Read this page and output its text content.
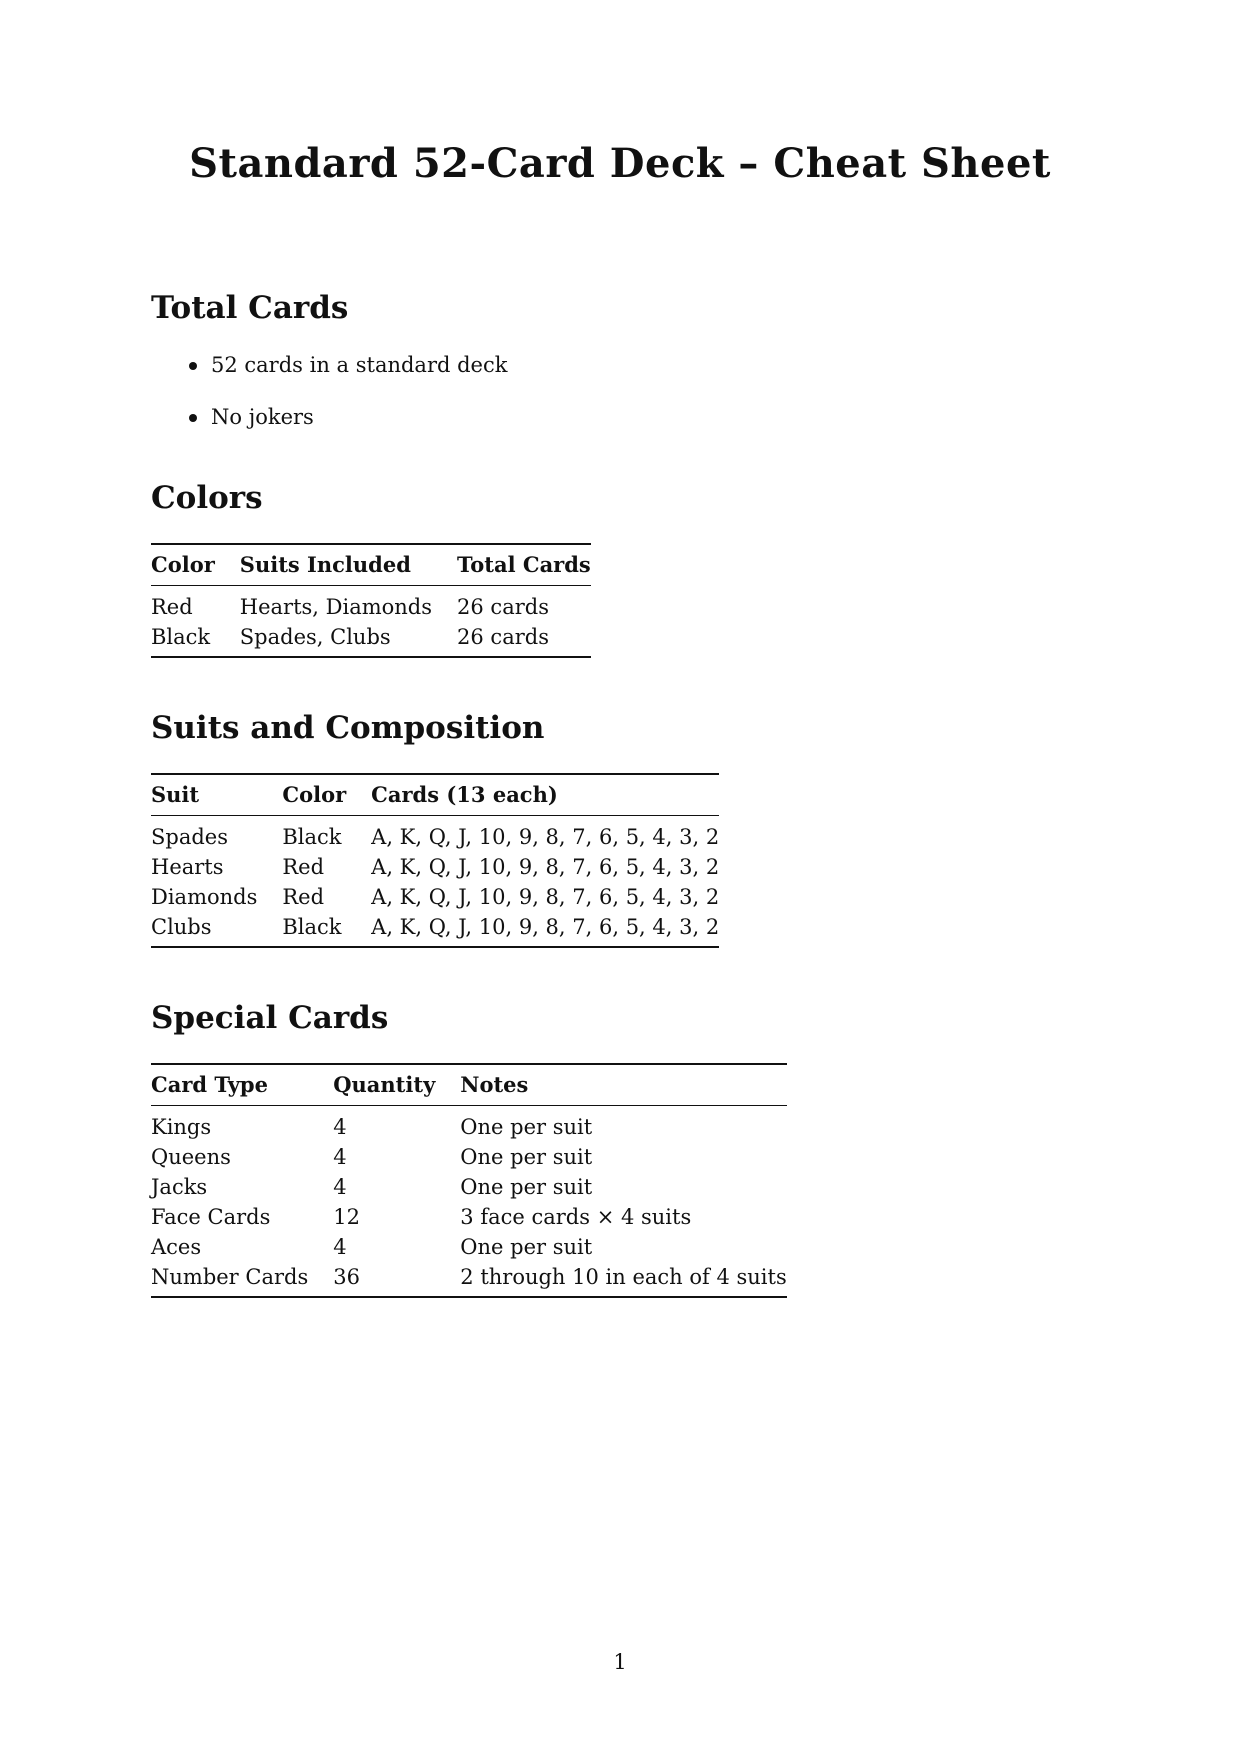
Standard 52-Card Deck – Cheat Sheet
Total Cards
52 cards in a standard deck
No jokers
Colors
Color	Suits Included	Total Cards
Red	Hearts, Diamonds	26 cards
Black	Spades, Clubs	26 cards
Suits and Composition
Suit	Color	Cards (13 each)
Spades	Black	A, K, Q, J, 10, 9, 8, 7, 6, 5, 4, 3, 2
Hearts	Red	A, K, Q, J, 10, 9, 8, 7, 6, 5, 4, 3, 2
Diamonds	Red	A, K, Q, J, 10, 9, 8, 7, 6, 5, 4, 3, 2
Clubs	Black	A, K, Q, J, 10, 9, 8, 7, 6, 5, 4, 3, 2
Special Cards
Card Type	Quantity	Notes
Kings	4	One per suit
Queens	4	One per suit
Jacks	4	One per suit
Face Cards	12	3 face cards × 4 suits
Aces	4	One per suit
Number Cards	36	2 through 10 in each of 4 suits
1
